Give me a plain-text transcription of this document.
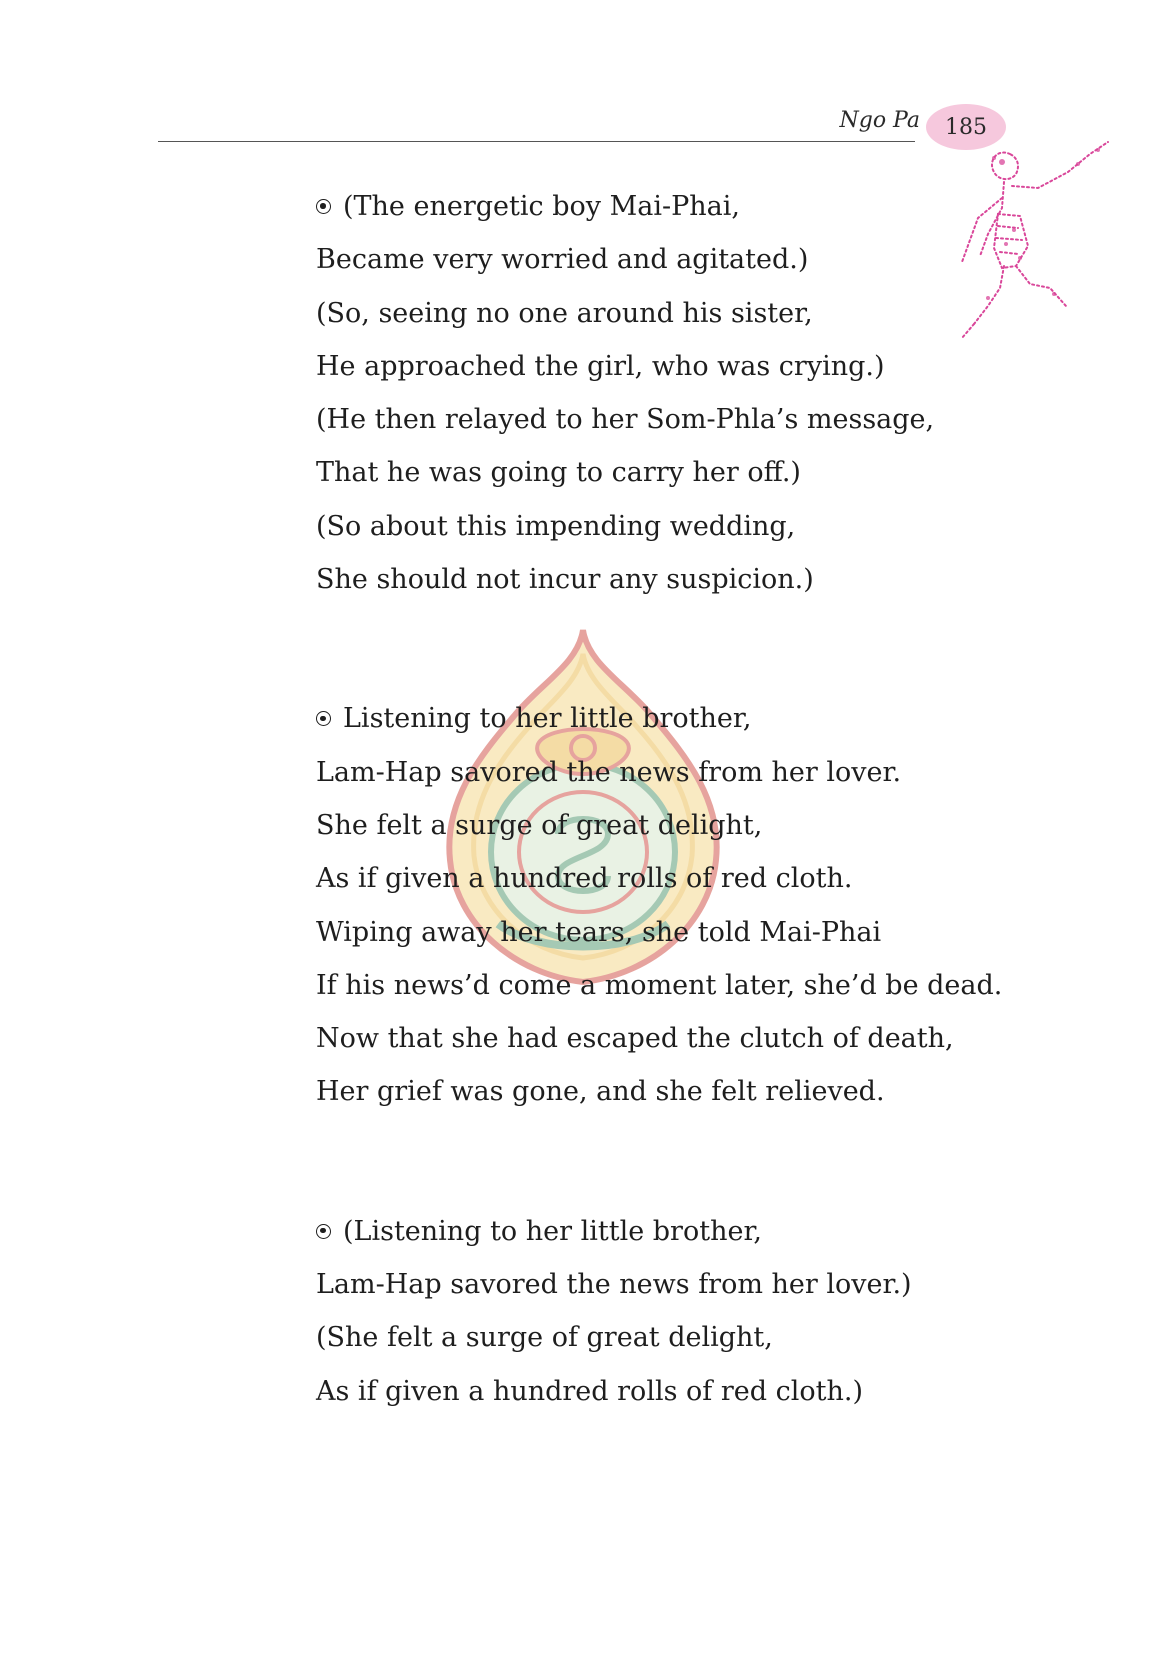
Ngo Pa 185
(The energetic boy Mai-Phai,
Became very worried and agitated.)
(So, seeing no one around his sister,
He approached the girl, who was crying.)
(He then relayed to her Som-Phla’s message,
That he was going to carry her off.)
(So about this impending wedding,
She should not incur any suspicion.)
Listening to her little brother,
Lam-Hap savored the news from her lover.
She felt a surge of great delight,
As if given a hundred rolls of red cloth.
Wiping away her tears, she told Mai-Phai
If his news’d come a moment later, she’d be dead.
Now that she had escaped the clutch of death,
Her grief was gone, and she felt relieved.
(Listening to her little brother,
Lam-Hap savored the news from her lover.)
(She felt a surge of great delight,
As if given a hundred rolls of red cloth.)
